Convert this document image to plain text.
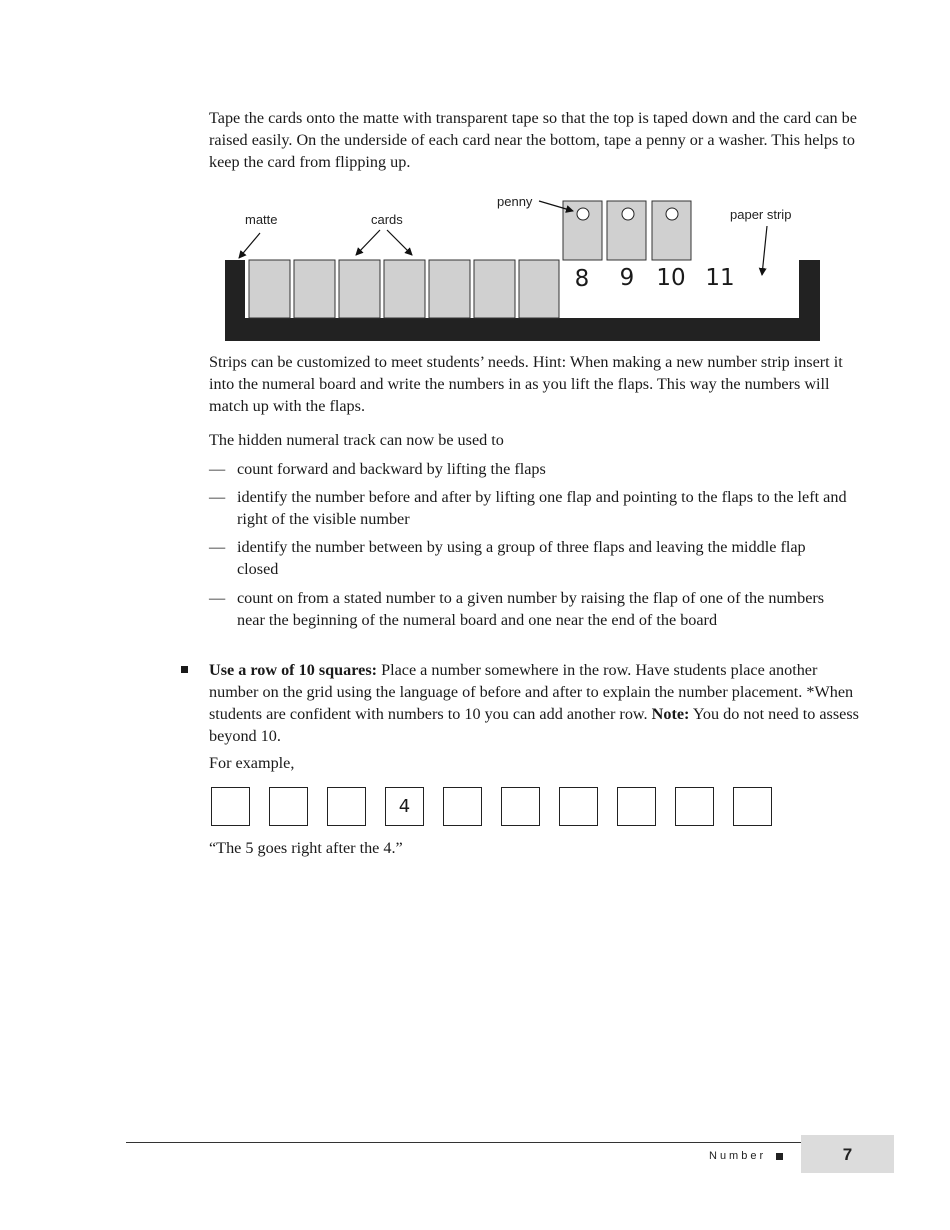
Tape the cards onto the matte with transparent tape so that the top is taped down and the card can be raised easily. On the underside of each card near the bottom, tape a penny or a washer. This helps to keep the card from flipping up.

8 9 10 11
matte	cards
penny
paper strip

Strips can be customized to meet students’ needs. Hint: When making a new number strip insert it into the numeral board and write the numbers in as you lift the flaps. This way the numbers will match up with the flaps.

The hidden numeral track can now be used to

— count forward and backward by lifting the flaps
— identify the number before and after by lifting one flap and pointing to the flaps to the left and right of the visible number
— identify the number between by using a group of three flaps and leaving the middle flap closed
— count on from a stated number to a given number by raising the flap of one of the numbers near the beginning of the numeral board and one near the end of the board
Use a row of 10 squares: Place a number somewhere in the row. Have students place another number on the grid using the language of before and after to explain the number placement. *When students are confident with numbers to 10 you can add another row. Note: You do not need to assess beyond 10.
For example,
4
“The 5 goes right after the 4.”
Number	7
